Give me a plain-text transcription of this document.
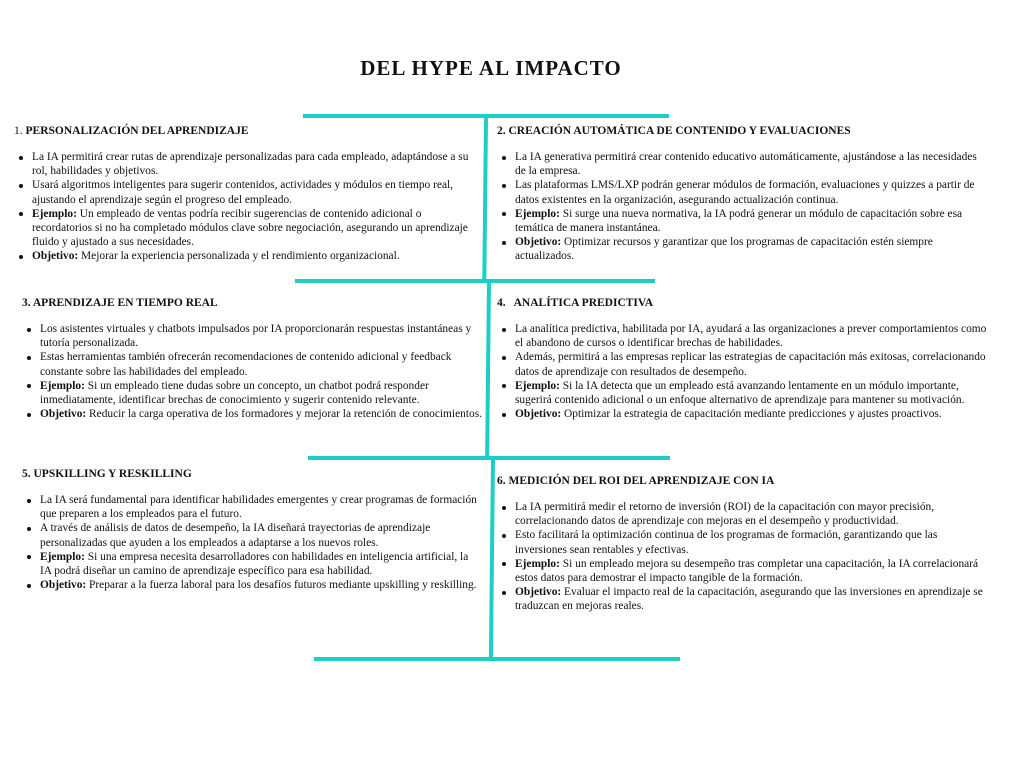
DEL HYPE AL IMPACTO
1. PERSONALIZACIÓN DEL APRENDIZAJE
La IA permitirá crear rutas de aprendizaje personalizadas para cada empleado, adaptándose a su rol, habilidades y objetivos.
Usará algoritmos inteligentes para sugerir contenidos, actividades y módulos en tiempo real, ajustando el aprendizaje según el progreso del empleado.
Ejemplo: Un empleado de ventas podría recibir sugerencias de contenido adicional o recordatorios si no ha completado módulos clave sobre negociación, asegurando un aprendizaje fluido y ajustado a sus necesidades.
Objetivo: Mejorar la experiencia personalizada y el rendimiento organizacional.
2. CREACIÓN AUTOMÁTICA DE CONTENIDO Y EVALUACIONES
La IA generativa permitirá crear contenido educativo automáticamente, ajustándose a las necesidades de la empresa.
Las plataformas LMS/LXP podrán generar módulos de formación, evaluaciones y quizzes a partir de datos existentes en la organización, asegurando actualización continua.
Ejemplo: Si surge una nueva normativa, la IA podrá generar un módulo de capacitación sobre esa temática de manera instantánea.
Objetivo: Optimizar recursos y garantizar que los programas de capacitación estén siempre actualizados.
3. APRENDIZAJE EN TIEMPO REAL
Los asistentes virtuales y chatbots impulsados por IA proporcionarán respuestas instantáneas y tutoría personalizada.
Estas herramientas también ofrecerán recomendaciones de contenido adicional y feedback constante sobre las habilidades del empleado.
Ejemplo: Si un empleado tiene dudas sobre un concepto, un chatbot podrá responder inmediatamente, identificar brechas de conocimiento y sugerir contenido relevante.
Objetivo: Reducir la carga operativa de los formadores y mejorar la retención de conocimientos.
4. ANALÍTICA PREDICTIVA
La analítica predictiva, habilitada por IA, ayudará a las organizaciones a prever comportamientos como el abandono de cursos o identificar brechas de habilidades.
Además, permitirá a las empresas replicar las estrategias de capacitación más exitosas, correlacionando datos de aprendizaje con resultados de desempeño.
Ejemplo: Si la IA detecta que un empleado está avanzando lentamente en un módulo importante, sugerirá contenido adicional o un enfoque alternativo de aprendizaje para mantener su motivación.
Objetivo: Optimizar la estrategia de capacitación mediante predicciones y ajustes proactivos.
5. UPSKILLING Y RESKILLING
La IA será fundamental para identificar habilidades emergentes y crear programas de formación que preparen a los empleados para el futuro.
A través de análisis de datos de desempeño, la IA diseñará trayectorias de aprendizaje personalizadas que ayuden a los empleados a adaptarse a los nuevos roles.
Ejemplo: Si una empresa necesita desarrolladores con habilidades en inteligencia artificial, la IA podrá diseñar un camino de aprendizaje específico para esa habilidad.
Objetivo: Preparar a la fuerza laboral para los desafíos futuros mediante upskilling y reskilling.
6. MEDICIÓN DEL ROI DEL APRENDIZAJE CON IA
La IA permitirá medir el retorno de inversión (ROI) de la capacitación con mayor precisión, correlacionando datos de aprendizaje con mejoras en el desempeño y productividad.
Esto facilitará la optimización continua de los programas de formación, garantizando que las inversiones sean rentables y efectivas.
Ejemplo: Si un empleado mejora su desempeño tras completar una capacitación, la IA correlacionará estos datos para demostrar el impacto tangible de la formación.
Objetivo: Evaluar el impacto real de la capacitación, asegurando que las inversiones en aprendizaje se traduzcan en mejoras reales.
